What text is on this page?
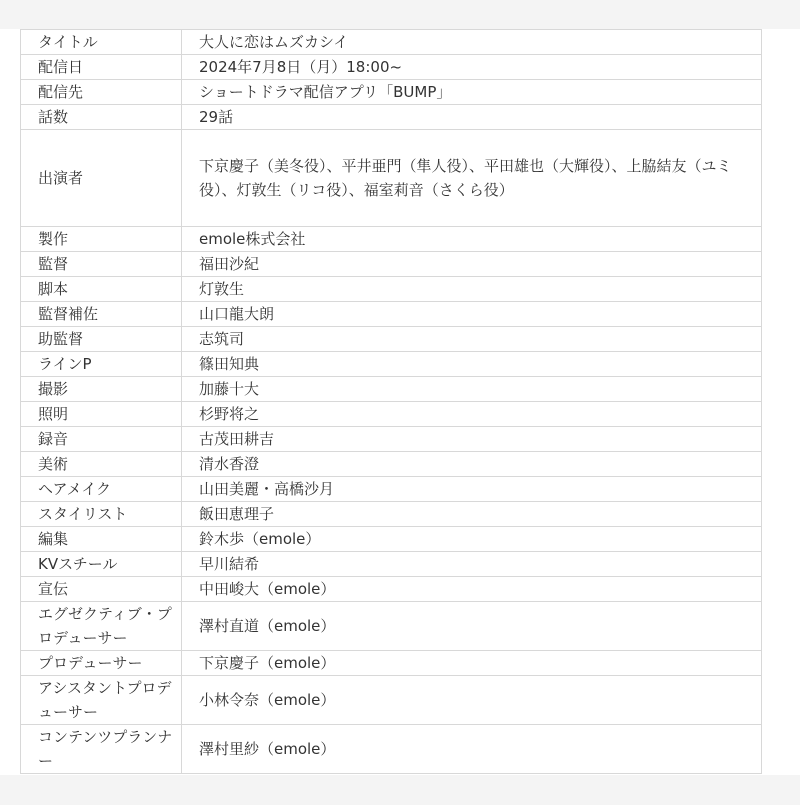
タイトル	大人に恋はムズカシイ
配信日	2024年7月8日（月）18:00~
配信先	ショートドラマ配信アプリ「BUMP」
話数	29話
出演者	下京慶子（美冬役）、平井亜門（隼人役）、平田雄也（大輝役）、上脇結友（ユミ役）、灯敦生（リコ役）、福室莉音（さくら役）
製作	emole株式会社
監督	福田沙紀
脚本	灯敦生
監督補佐	山口龍大朗
助監督	志筑司
ラインP	篠田知典
撮影	加藤十大
照明	杉野将之
録音	古茂田耕吉
美術	清水香澄
ヘアメイク	山田美麗・高橋沙月
スタイリスト	飯田恵理子
編集	鈴木歩（emole）
KVスチール	早川結希
宣伝	中田峻大（emole）
エグゼクティブ・プロデューサー	澤村直道（emole）
プロデューサー	下京慶子（emole）
アシスタントプロデューサー	小林令奈（emole）
コンテンツプランナー	澤村里紗（emole）
